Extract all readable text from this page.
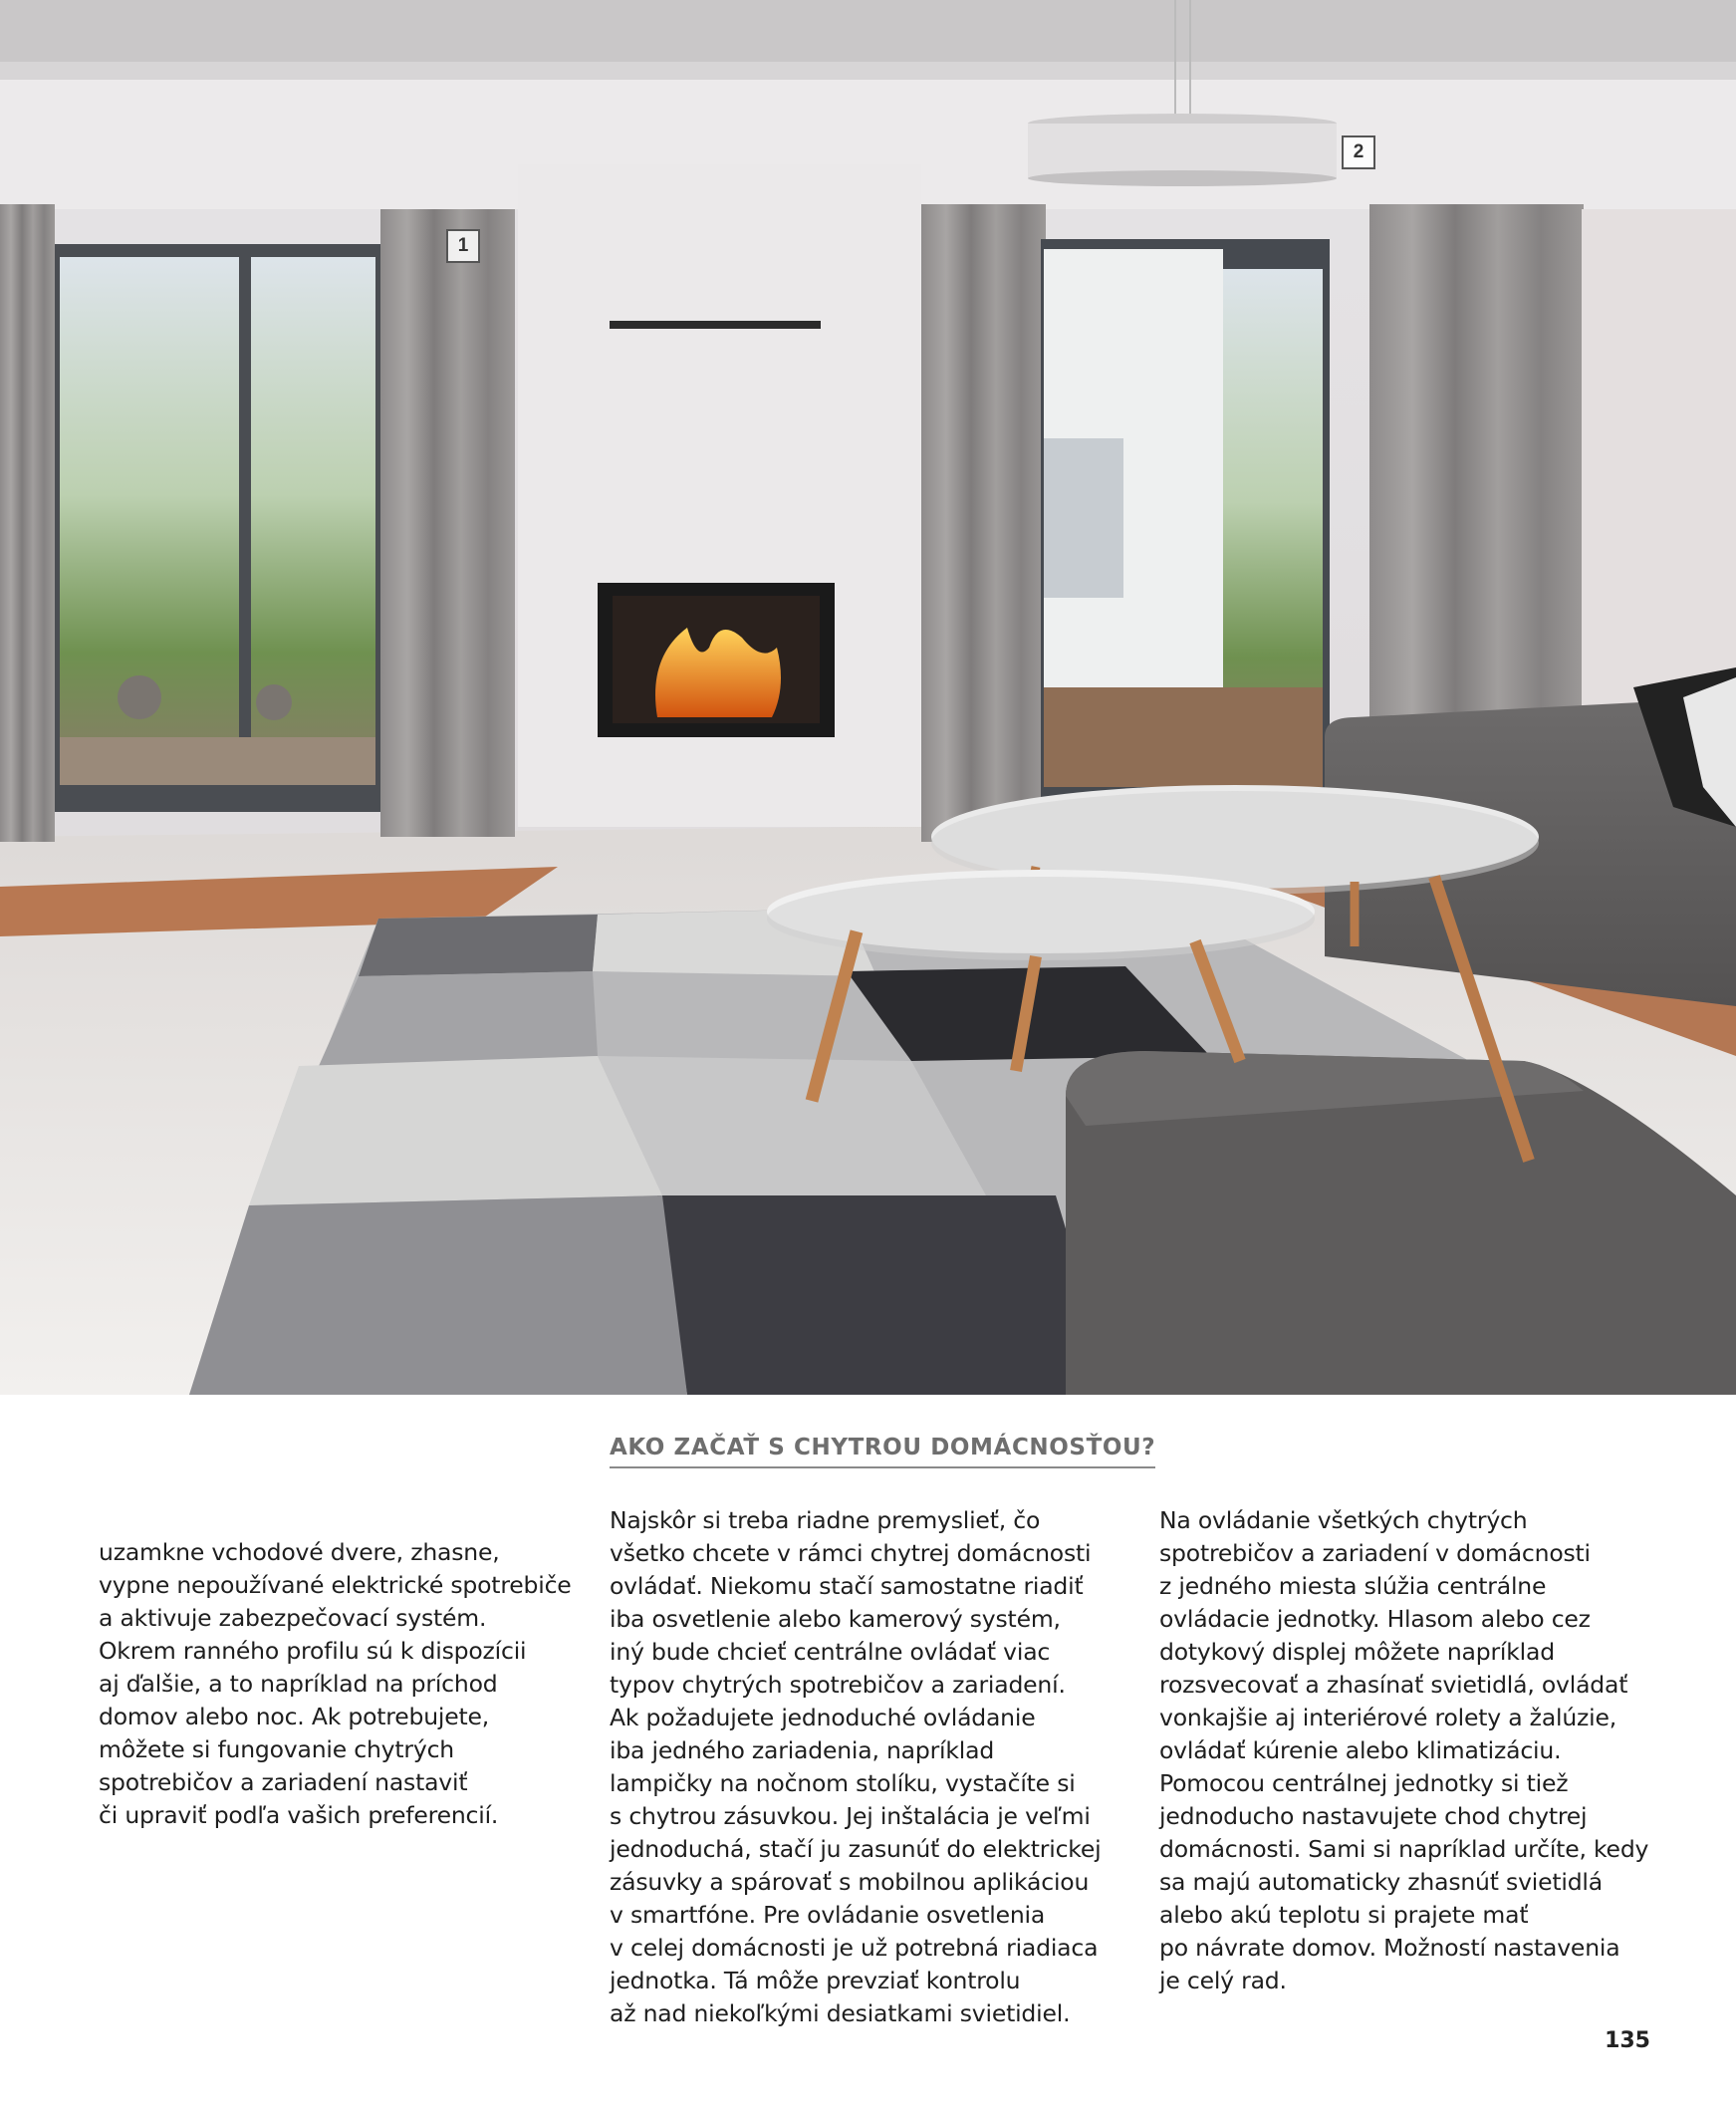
1
2
AKO ZAČAŤ S CHYTROU DOMÁCNOSŤOU?
uzamkne vchodové dvere, zhasne,
vypne nepoužívané elektrické spotrebiče
a aktivuje zabezpečovací systém.
Okrem ranného profilu sú k dispozícii
aj ďalšie, a to napríklad na príchod
domov alebo noc. Ak potrebujete,
môžete si fungovanie chytrých
spotrebičov a zariadení nastaviť
či upraviť podľa vašich preferencií.
Najskôr si treba riadne premyslieť, čo
všetko chcete v rámci chytrej domácnosti
ovládať. Niekomu stačí samostatne riadiť
iba osvetlenie alebo kamerový systém,
iný bude chcieť centrálne ovládať viac
typov chytrých spotrebičov a zariadení.
Ak požadujete jednoduché ovládanie
iba jedného zariadenia, napríklad
lampičky na nočnom stolíku, vystačíte si
s chytrou zásuvkou. Jej inštalácia je veľmi
jednoduchá, stačí ju zasunúť do elektrickej
zásuvky a spárovať s mobilnou aplikáciou
v smartfóne. Pre ovládanie osvetlenia
v celej domácnosti je už potrebná riadiaca
jednotka. Tá môže prevziať kontrolu
až nad niekoľkými desiatkami svietidiel.
Na ovládanie všetkých chytrých
spotrebičov a zariadení v domácnosti
z jedného miesta slúžia centrálne
ovládacie jednotky. Hlasom alebo cez
dotykový displej môžete napríklad
rozsvecovať a zhasínať svietidlá, ovládať
vonkajšie aj interiérové rolety a žalúzie,
ovládať kúrenie alebo klimatizáciu.
Pomocou centrálnej jednotky si tiež
jednoducho nastavujete chod chytrej
domácnosti. Sami si napríklad určíte, kedy
sa majú automaticky zhasnúť svietidlá
alebo akú teplotu si prajete mať
po návrate domov. Možností nastavenia
je celý rad.
135
